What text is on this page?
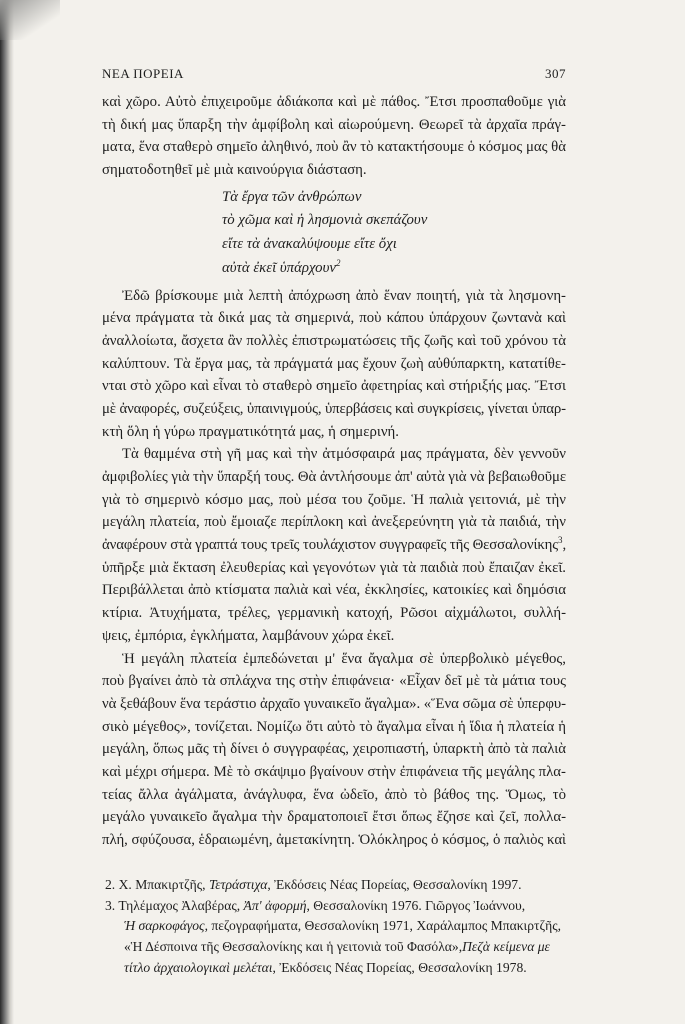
ΝΕΑ ΠΟΡΕΙΑ	307
καὶ χῶρο. Αὐτὸ ἐπιχειροῦμε ἀδιάκοπα καὶ μὲ πάθος. Ἔτσι προσπαθοῦμε γιὰ
τὴ δική μας ὕπαρξη τὴν ἀμφίβολη καὶ αἰωρούμενη. Θεωρεῖ τὰ ἀρχαῖα πράγ-
ματα, ἕνα σταθερὸ σημεῖο ἀληθινό, ποὺ ἂν τὸ κατακτήσουμε ὁ κόσμος μας θὰ
σηματοδοτηθεῖ μὲ μιὰ καινούργια διάσταση.
Τὰ ἔργα τῶν ἀνθρώπων
τὸ χῶμα καὶ ἡ λησμονιὰ σκεπάζουν
εἴτε τὰ ἀνακαλύψουμε εἴτε ὄχι
αὐτὰ ἐκεῖ ὑπάρχουν$^2$
Ἐδῶ βρίσκουμε μιὰ λεπτὴ ἀπόχρωση ἀπὸ ἕναν ποιητή, γιὰ τὰ λησμονη-
μένα πράγματα τὰ δικά μας τὰ σημερινά, ποὺ κάπου ὑπάρχουν ζωντανὰ καὶ
ἀναλλοίωτα, ἄσχετα ἂν πολλὲς ἐπιστρωματώσεις τῆς ζωῆς καὶ τοῦ χρόνου τὰ
καλύπτουν. Τὰ ἔργα μας, τὰ πράγματά μας ἔχουν ζωὴ αὐθύπαρκτη, κατατίθε-
νται στὸ χῶρο καὶ εἶναι τὸ σταθερὸ σημεῖο ἀφετηρίας καὶ στήριξής μας. Ἔτσι
μὲ ἀναφορές, συζεύξεις, ὑπαινιγμούς, ὑπερβάσεις καὶ συγκρίσεις, γίνεται ὑπαρ-
κτὴ ὅλη ἡ γύρω πραγματικότητά μας, ἡ σημερινή.
Τὰ θαμμένα στὴ γῆ μας καὶ τὴν ἀτμόσφαιρά μας πράγματα, δὲν γεννοῦν
ἀμφιβολίες γιὰ τὴν ὕπαρξή τους. Θὰ ἀντλήσουμε ἀπ' αὐτὰ γιὰ νὰ βεβαιωθοῦμε
γιὰ τὸ σημερινὸ κόσμο μας, ποὺ μέσα του ζοῦμε. Ἡ παλιὰ γειτονιά, μὲ τὴν
μεγάλη πλατεία, ποὺ ἔμοιαζε περίπλοκη καὶ ἀνεξερεύνητη γιὰ τὰ παιδιά, τὴν
ἀναφέρουν στὰ γραπτά τους τρεῖς τουλάχιστον συγγραφεῖς τῆς Θεσσαλονίκης$^3$,
ὑπῆρξε μιὰ ἔκταση ἐλευθερίας καὶ γεγονότων γιὰ τὰ παιδιὰ ποὺ ἔπαιζαν ἐκεῖ.
Περιβάλλεται ἀπὸ κτίσματα παλιὰ καὶ νέα, ἐκκλησίες, κατοικίες καὶ δημόσια
κτίρια. Ἀτυχήματα, τρέλες, γερμανικὴ κατοχή, Ρῶσοι αἰχμάλωτοι, συλλή-
ψεις, ἐμπόρια, ἐγκλήματα, λαμβάνουν χώρα ἐκεῖ.
Ἡ μεγάλη πλατεία ἐμπεδώνεται μ' ἕνα ἄγαλμα σὲ ὑπερβολικὸ μέγεθος,
ποὺ βγαίνει ἀπὸ τὰ σπλάχνα της στὴν ἐπιφάνεια· «Εἶχαν δεῖ μὲ τὰ μάτια τους
νὰ ξεθάβουν ἕνα τεράστιο ἀρχαῖο γυναικεῖο ἄγαλμα». «Ἕνα σῶμα σὲ ὑπερφυ-
σικὸ μέγεθος», τονίζεται. Νομίζω ὅτι αὐτὸ τὸ ἄγαλμα εἶναι ἡ ἴδια ἡ πλατεία ἡ
μεγάλη, ὅπως μᾶς τὴ δίνει ὁ συγγραφέας, χειροπιαστή, ὑπαρκτὴ ἀπὸ τὰ παλιὰ
καὶ μέχρι σήμερα. Μὲ τὸ σκάψιμο βγαίνουν στὴν ἐπιφάνεια τῆς μεγάλης πλα-
τείας ἄλλα ἀγάλματα, ἀνάγλυφα, ἕνα ὠδεῖο, ἀπὸ τὸ βάθος της. Ὅμως, τὸ
μεγάλο γυναικεῖο ἄγαλμα τὴν δραματοποιεῖ ἔτσι ὅπως ἔζησε καὶ ζεῖ, πολλα-
πλή, σφύζουσα, ἑδραιωμένη, ἀμετακίνητη. Ὁλόκληρος ὁ κόσμος, ὁ παλιὸς καὶ
2. Χ. Μπακιρτζῆς, Τετράστιχα, Ἐκδόσεις Νέας Πορείας, Θεσσαλονίκη 1997.
3. Τηλέμαχος Ἀλαβέρας, Ἀπ' ἀφορμή, Θεσσαλονίκη 1976. Γιῶργος Ἰωάννου,
Ἡ σαρκοφάγος, πεζογραφήματα, Θεσσαλονίκη 1971, Χαράλαμπος Μπακιρτζῆς,
«Ἡ Δέσποινα τῆς Θεσσαλονίκης και ἡ γειτονιὰ τοῦ Φασόλα»,Πεζὰ κείμενα με
τίτλο ἀρχαιολογικαὶ μελέται, Ἐκδόσεις Νέας Πορείας, Θεσσαλονίκη 1978.
